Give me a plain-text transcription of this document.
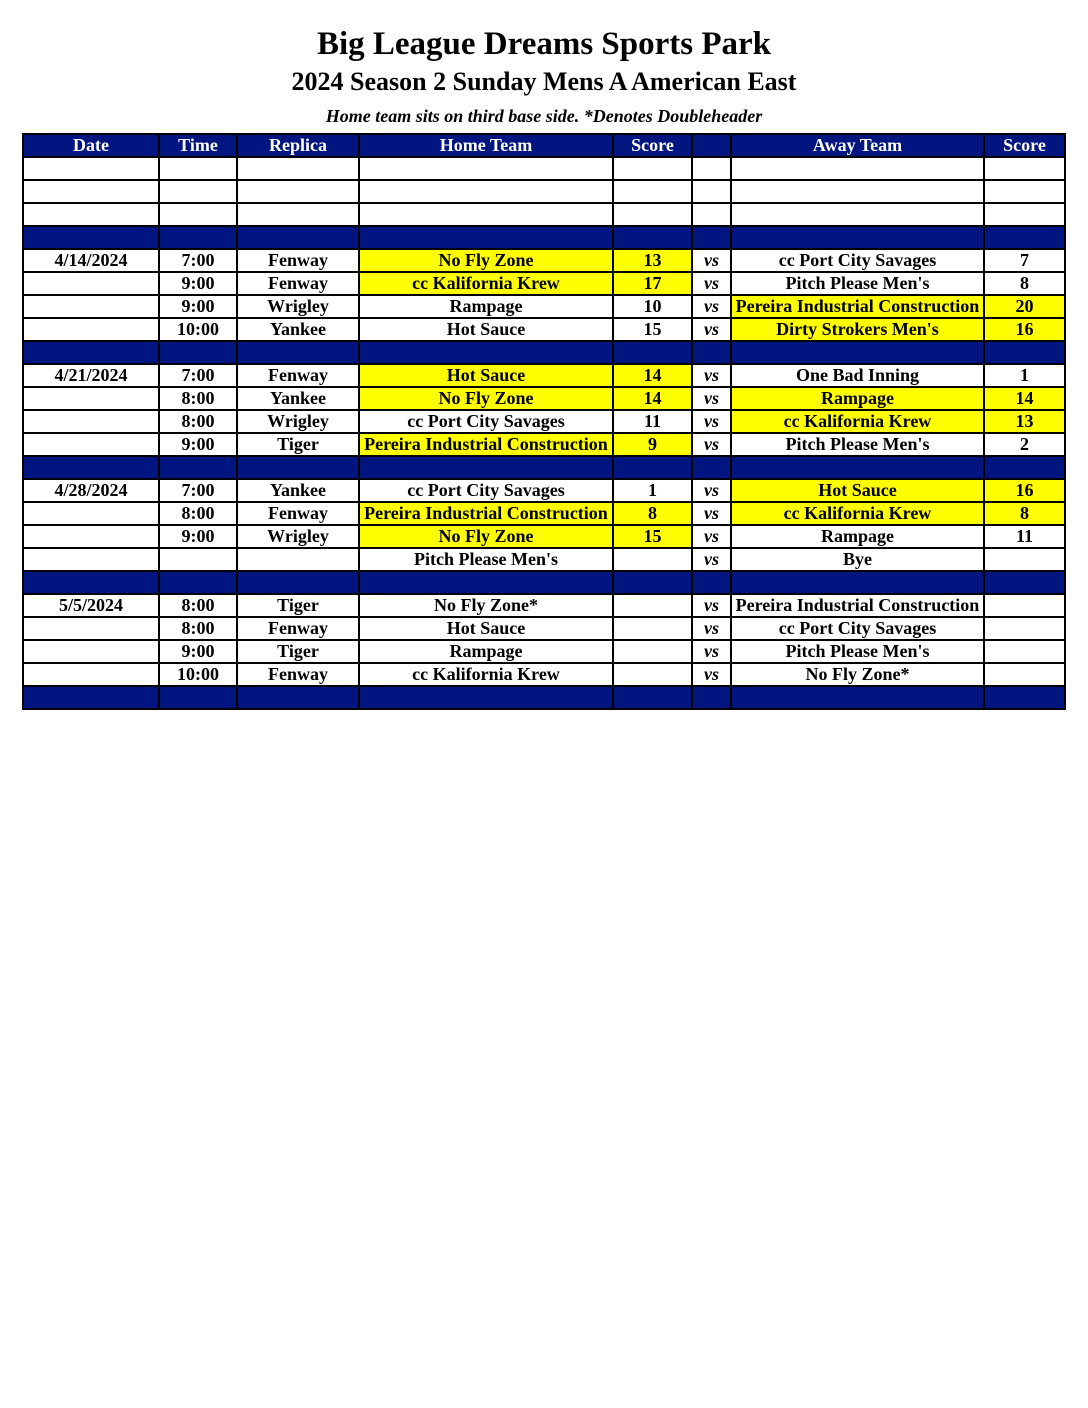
Big League Dreams Sports Park
2024 Season 2 Sunday Mens A American East
Home team sits on third base side. *Denotes Doubleheader
Date	Time	Replica	Home Team	Score		Away Team	Score

4/14/2024	7:00	Fenway	No Fly Zone	13	vs	cc Port City Savages	7
	9:00	Fenway	cc Kalifornia Krew	17	vs	Pitch Please Men's	8
	9:00	Wrigley	Rampage	10	vs	Pereira Industrial Construction	20
	10:00	Yankee	Hot Sauce	15	vs	Dirty Strokers Men's	16

4/21/2024	7:00	Fenway	Hot Sauce	14	vs	One Bad Inning	1
	8:00	Yankee	No Fly Zone	14	vs	Rampage	14
	8:00	Wrigley	cc Port City Savages	11	vs	cc Kalifornia Krew	13
	9:00	Tiger	Pereira Industrial Construction	9	vs	Pitch Please Men's	2

4/28/2024	7:00	Yankee	cc Port City Savages	1	vs	Hot Sauce	16
	8:00	Fenway	Pereira Industrial Construction	8	vs	cc Kalifornia Krew	8
	9:00	Wrigley	No Fly Zone	15	vs	Rampage	11
			Pitch Please Men's		vs	Bye	

5/5/2024	8:00	Tiger	No Fly Zone*		vs	Pereira Industrial Construction	
	8:00	Fenway	Hot Sauce		vs	cc Port City Savages	
	9:00	Tiger	Rampage		vs	Pitch Please Men's	
	10:00	Fenway	cc Kalifornia Krew		vs	No Fly Zone*	
